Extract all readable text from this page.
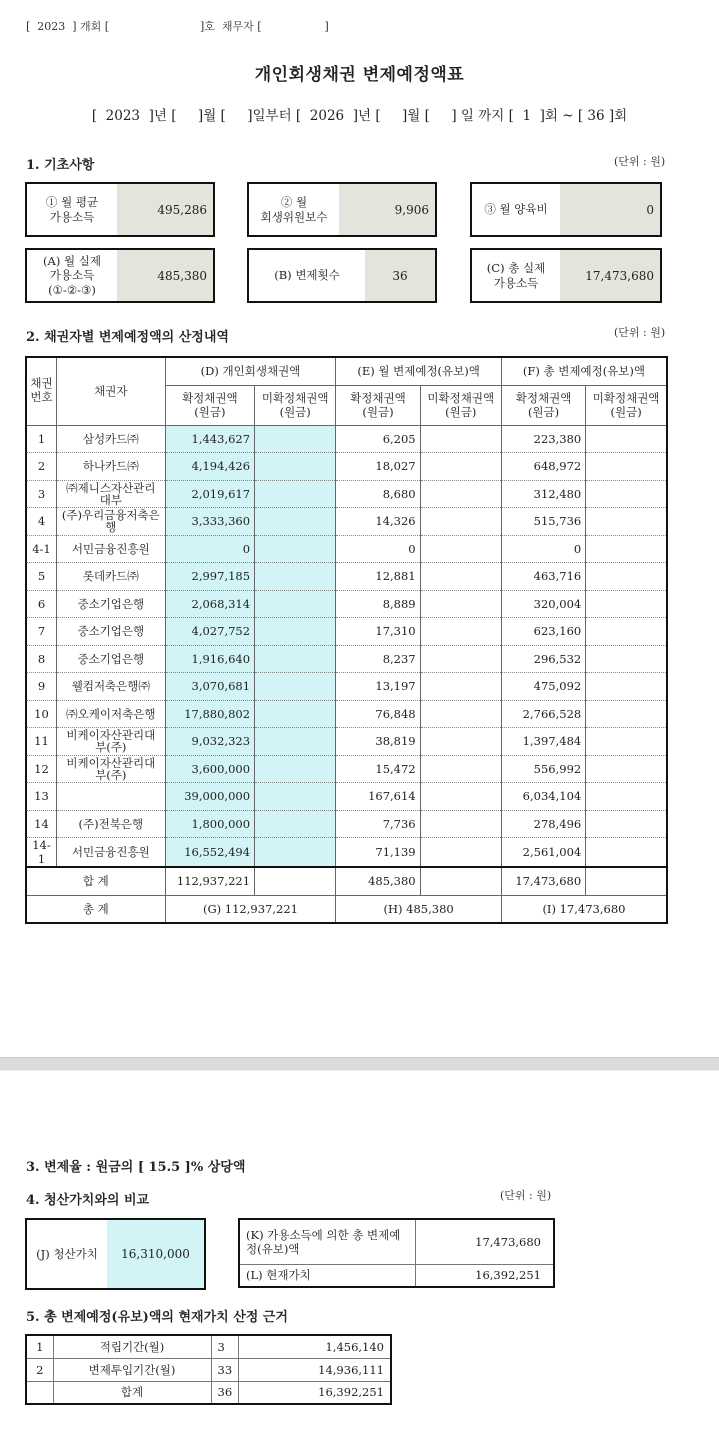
[  2023  ] 개회 [                          ]호  채무자 [                  ]
개인회생채권 변제예정액표
[  2023  ]년 [     ]월 [     ]일부터 [  2026  ]년 [     ]월 [     ] 일 까지 [  1  ]회 ~ [ 36 ]회
1. 기초사항	(단위 : 원)
① 월 평균
가용소득	495,286
② 월
회생위원보수	9,906	③ 월 양육비	0
(A) 월 실제
가용소득
(①-②-③)
485,380	(B) 변제횟수	36
(C) 총 실제
가용소득	17,473,680
2. 채권자별 변제예정액의 산정내역	(단위 : 원)
채권
번호	채권자	(D) 개인회생채권액		(E) 월 변제예정(유보)액		(F) 총 변제예정(유보)액	
		확정채권액
(원금)	미확정채권액
(원금)	확정채권액
(원금)	미확정채권액
(원금)	확정채권액
(원금)	미확정채권액
(원금)
1	삼성카드㈜	1,443,627		6,205		223,380	
2	하나카드㈜	4,194,426		18,027		648,972	
3	㈜제니스자산관리대부	2,019,617		8,680		312,480	
4	(주)우리금융저축은행	3,333,360		14,326		515,736	
4-1	서민금융진흥원	0		0		0	
5	롯데카드㈜	2,997,185		12,881		463,716	
6	중소기업은행	2,068,314		8,889		320,004	
7	중소기업은행	4,027,752		17,310		623,160	
8	중소기업은행	1,916,640		8,237		296,532	
9	웰컴저축은행㈜	3,070,681		13,197		475,092	
10	㈜오케이저축은행	17,880,802		76,848		2,766,528	
11	비케이자산관리대부(주)	9,032,323		38,819		1,397,484	
12	비케이자산관리대부(주)	3,600,000		15,472		556,992	
13		39,000,000		167,614		6,034,104	
14	(주)전북은행	1,800,000		7,736		278,496	
14-1	서민금융진흥원	16,552,494		71,139		2,561,004	
합 계		112,937,221		485,380		17,473,680	
총 계		(G) 112,937,221		(H) 485,380		(I) 17,473,680	
3. 변제율 : 원금의 [ 15.5 ]% 상당액
4. 청산가치와의 비교	(단위 : 원)
(J) 청산가치	16,310,000
(K) 가용소득에 의한 총 변제예정(유보)액	17,473,680
(L) 현재가치	16,392,251
5. 총 변제예정(유보)액의 현재가치 산정 근거
1	적립기간(월)	3	1,456,140
2	변제투입기간(월)	33	14,936,111
	합계	36	16,392,251
